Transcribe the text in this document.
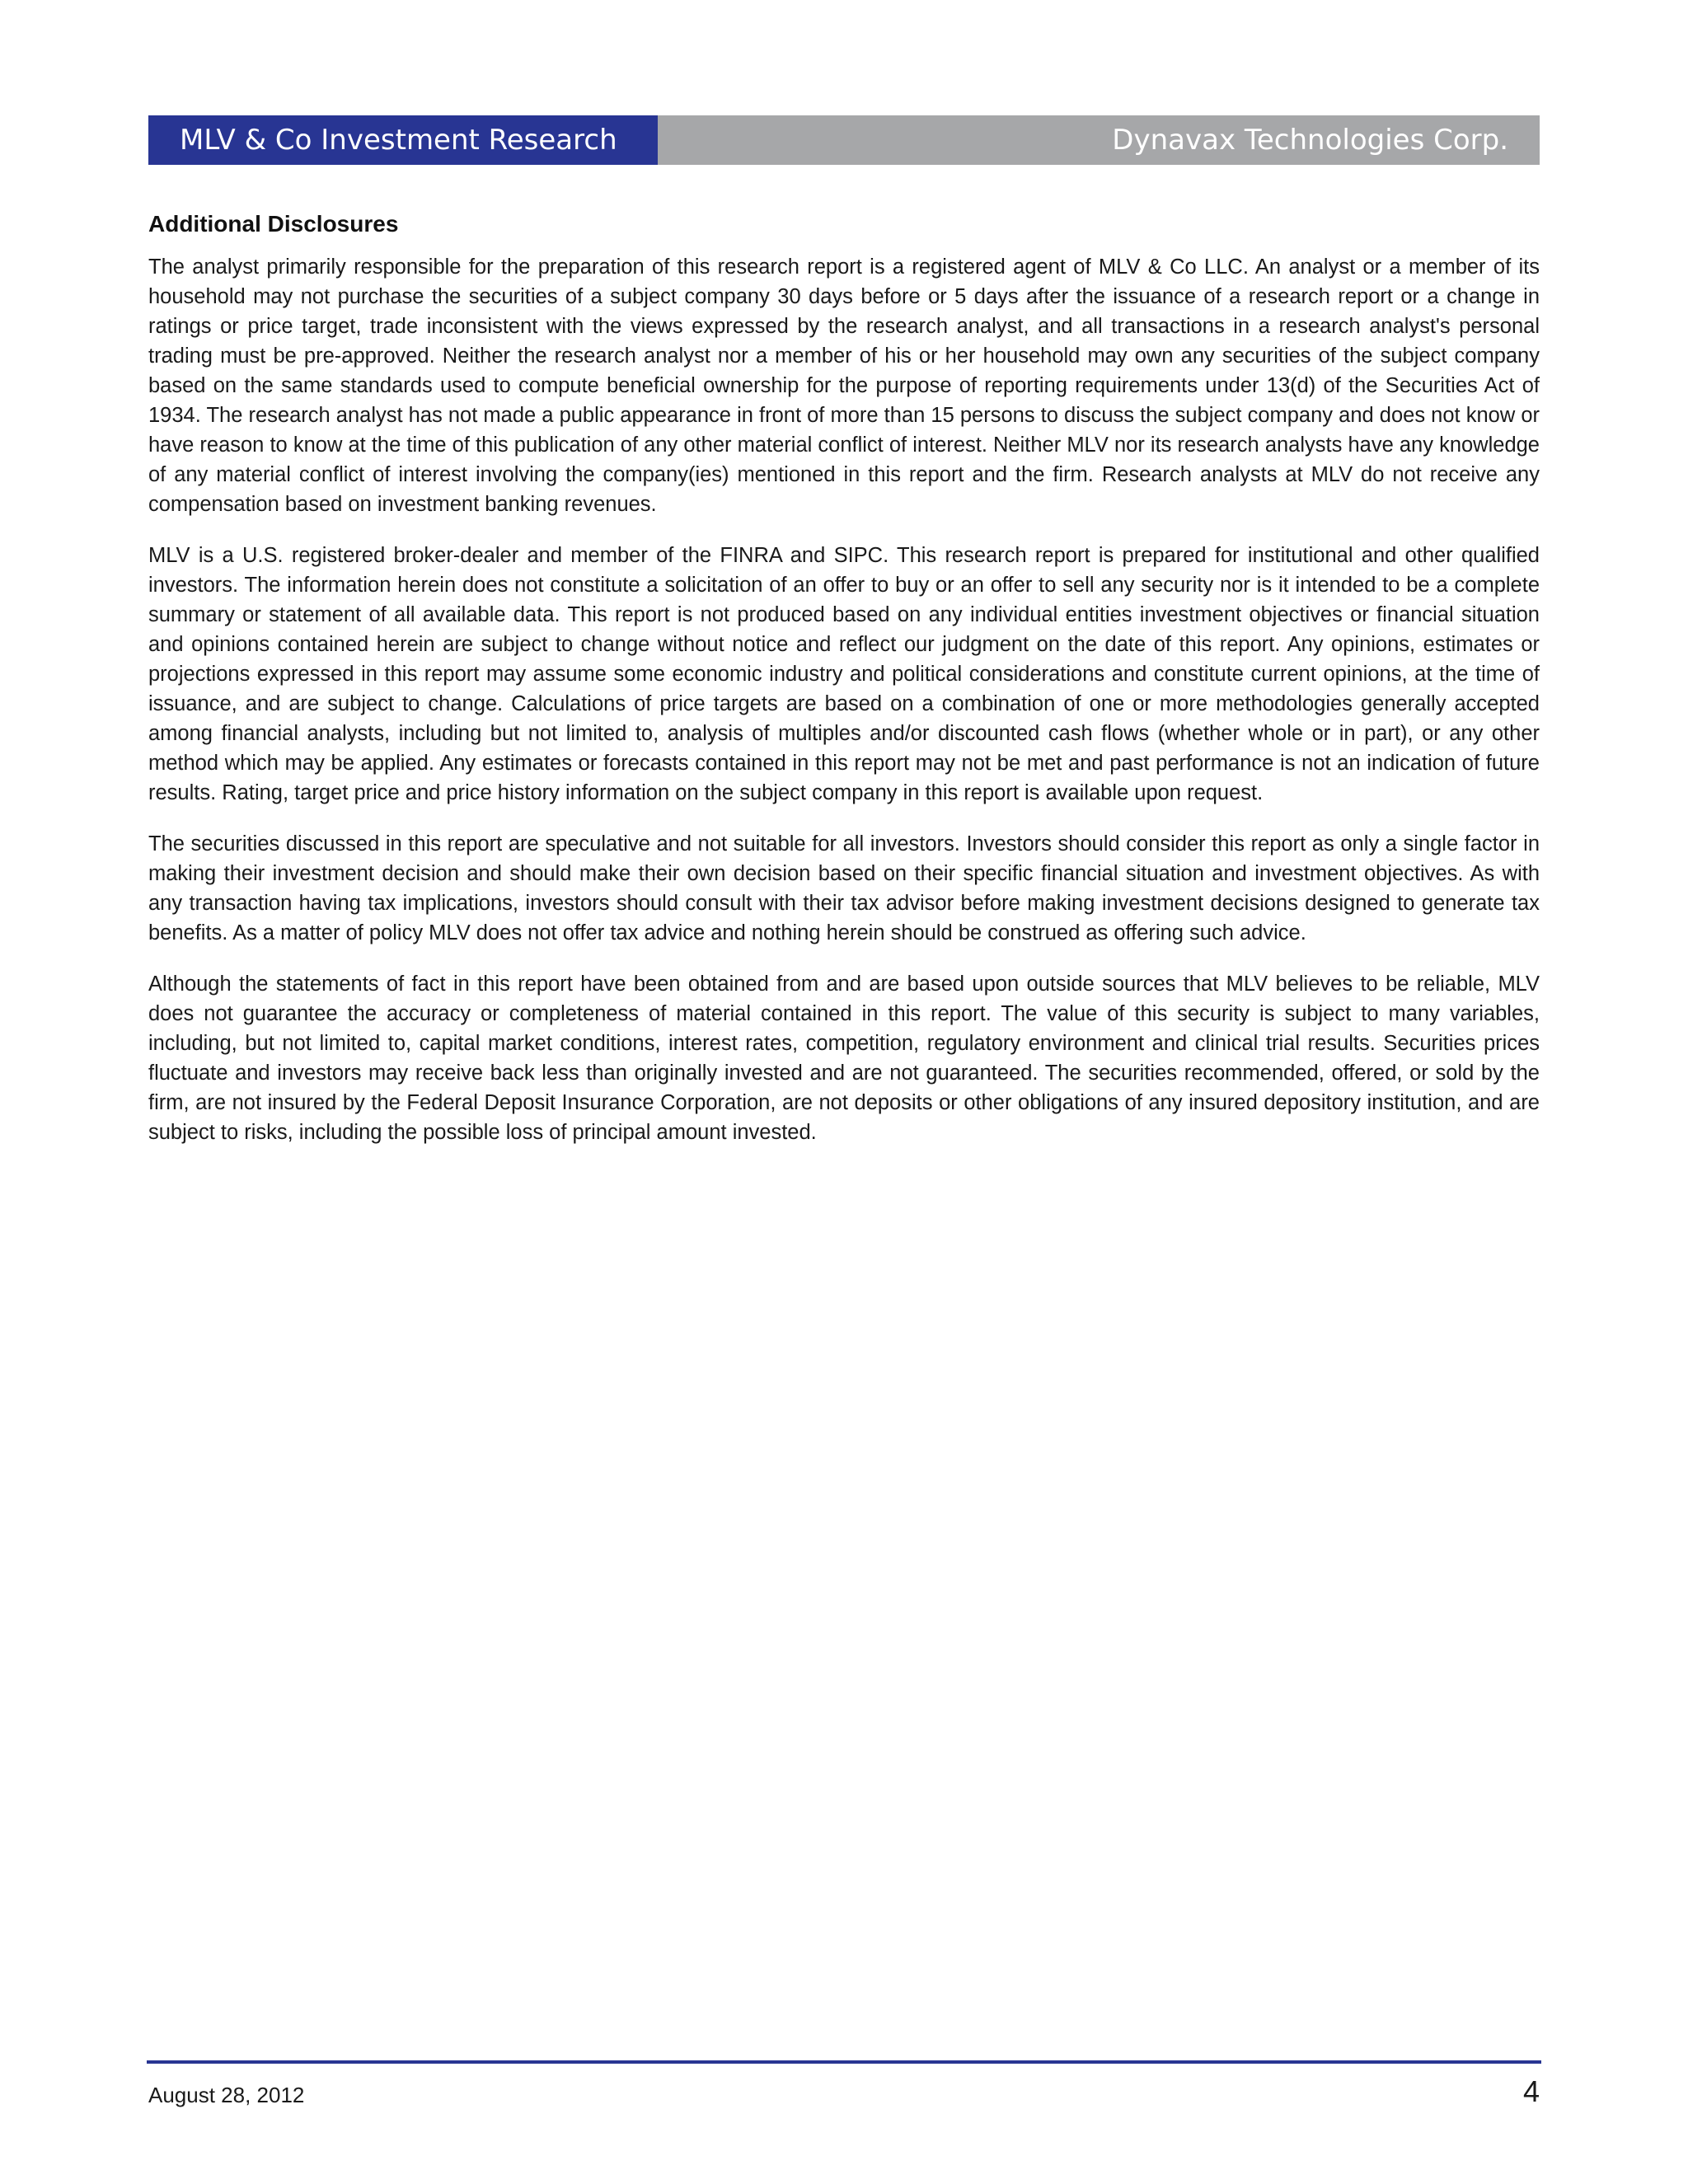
MLV & Co Investment Research	Dynavax Technologies Corp.
Additional Disclosures

The analyst primarily responsible for the preparation of this research report is a registered agent of MLV & Co LLC. An analyst or a member of its household may not purchase the securities of a subject company 30 days before or 5 days after the issuance of a research report or a change in ratings or price target, trade inconsistent with the views expressed by the research analyst, and all transactions in a research analyst's personal trading must be pre-approved. Neither the research analyst nor a member of his or her household may own any securities of the subject company based on the same standards used to compute beneficial ownership for the purpose of reporting requirements under 13(d) of the Securities Act of 1934. The research analyst has not made a public appearance in front of more than 15 persons to discuss the subject company and does not know or have reason to know at the time of this publication of any other material conflict of interest. Neither MLV nor its research analysts have any knowledge of any material conflict of interest involving the company(ies) mentioned in this report and the firm. Research analysts at MLV do not receive any compensation based on investment banking revenues.

MLV is a U.S. registered broker-dealer and member of the FINRA and SIPC. This research report is prepared for institutional and other qualified investors. The information herein does not constitute a solicitation of an offer to buy or an offer to sell any security nor is it intended to be a complete summary or statement of all available data. This report is not produced based on any individual entities investment objectives or financial situation and opinions contained herein are subject to change without notice and reflect our judgment on the date of this report. Any opinions, estimates or projections expressed in this report may assume some economic industry and political considerations and constitute current opinions, at the time of issuance, and are subject to change. Calculations of price targets are based on a combination of one or more methodologies generally accepted among financial analysts, including but not limited to, analysis of multiples and/or discounted cash flows (whether whole or in part), or any other method which may be applied. Any estimates or forecasts contained in this report may not be met and past performance is not an indication of future results. Rating, target price and price history information on the subject company in this report is available upon request.

The securities discussed in this report are speculative and not suitable for all investors. Investors should consider this report as only a single factor in making their investment decision and should make their own decision based on their specific financial situation and investment objectives. As with any transaction having tax implications, investors should consult with their tax advisor before making investment decisions designed to generate tax benefits. As a matter of policy MLV does not offer tax advice and nothing herein should be construed as offering such advice.

Although the statements of fact in this report have been obtained from and are based upon outside sources that MLV believes to be reliable, MLV does not guarantee the accuracy or completeness of material contained in this report. The value of this security is subject to many variables, including, but not limited to, capital market conditions, interest rates, competition, regulatory environment and clinical trial results. Securities prices fluctuate and investors may receive back less than originally invested and are not guaranteed. The securities recommended, offered, or sold by the firm, are not insured by the Federal Deposit Insurance Corporation, are not deposits or other obligations of any insured depository institution, and are subject to risks, including the possible loss of principal amount invested.

August 28, 2012	4
